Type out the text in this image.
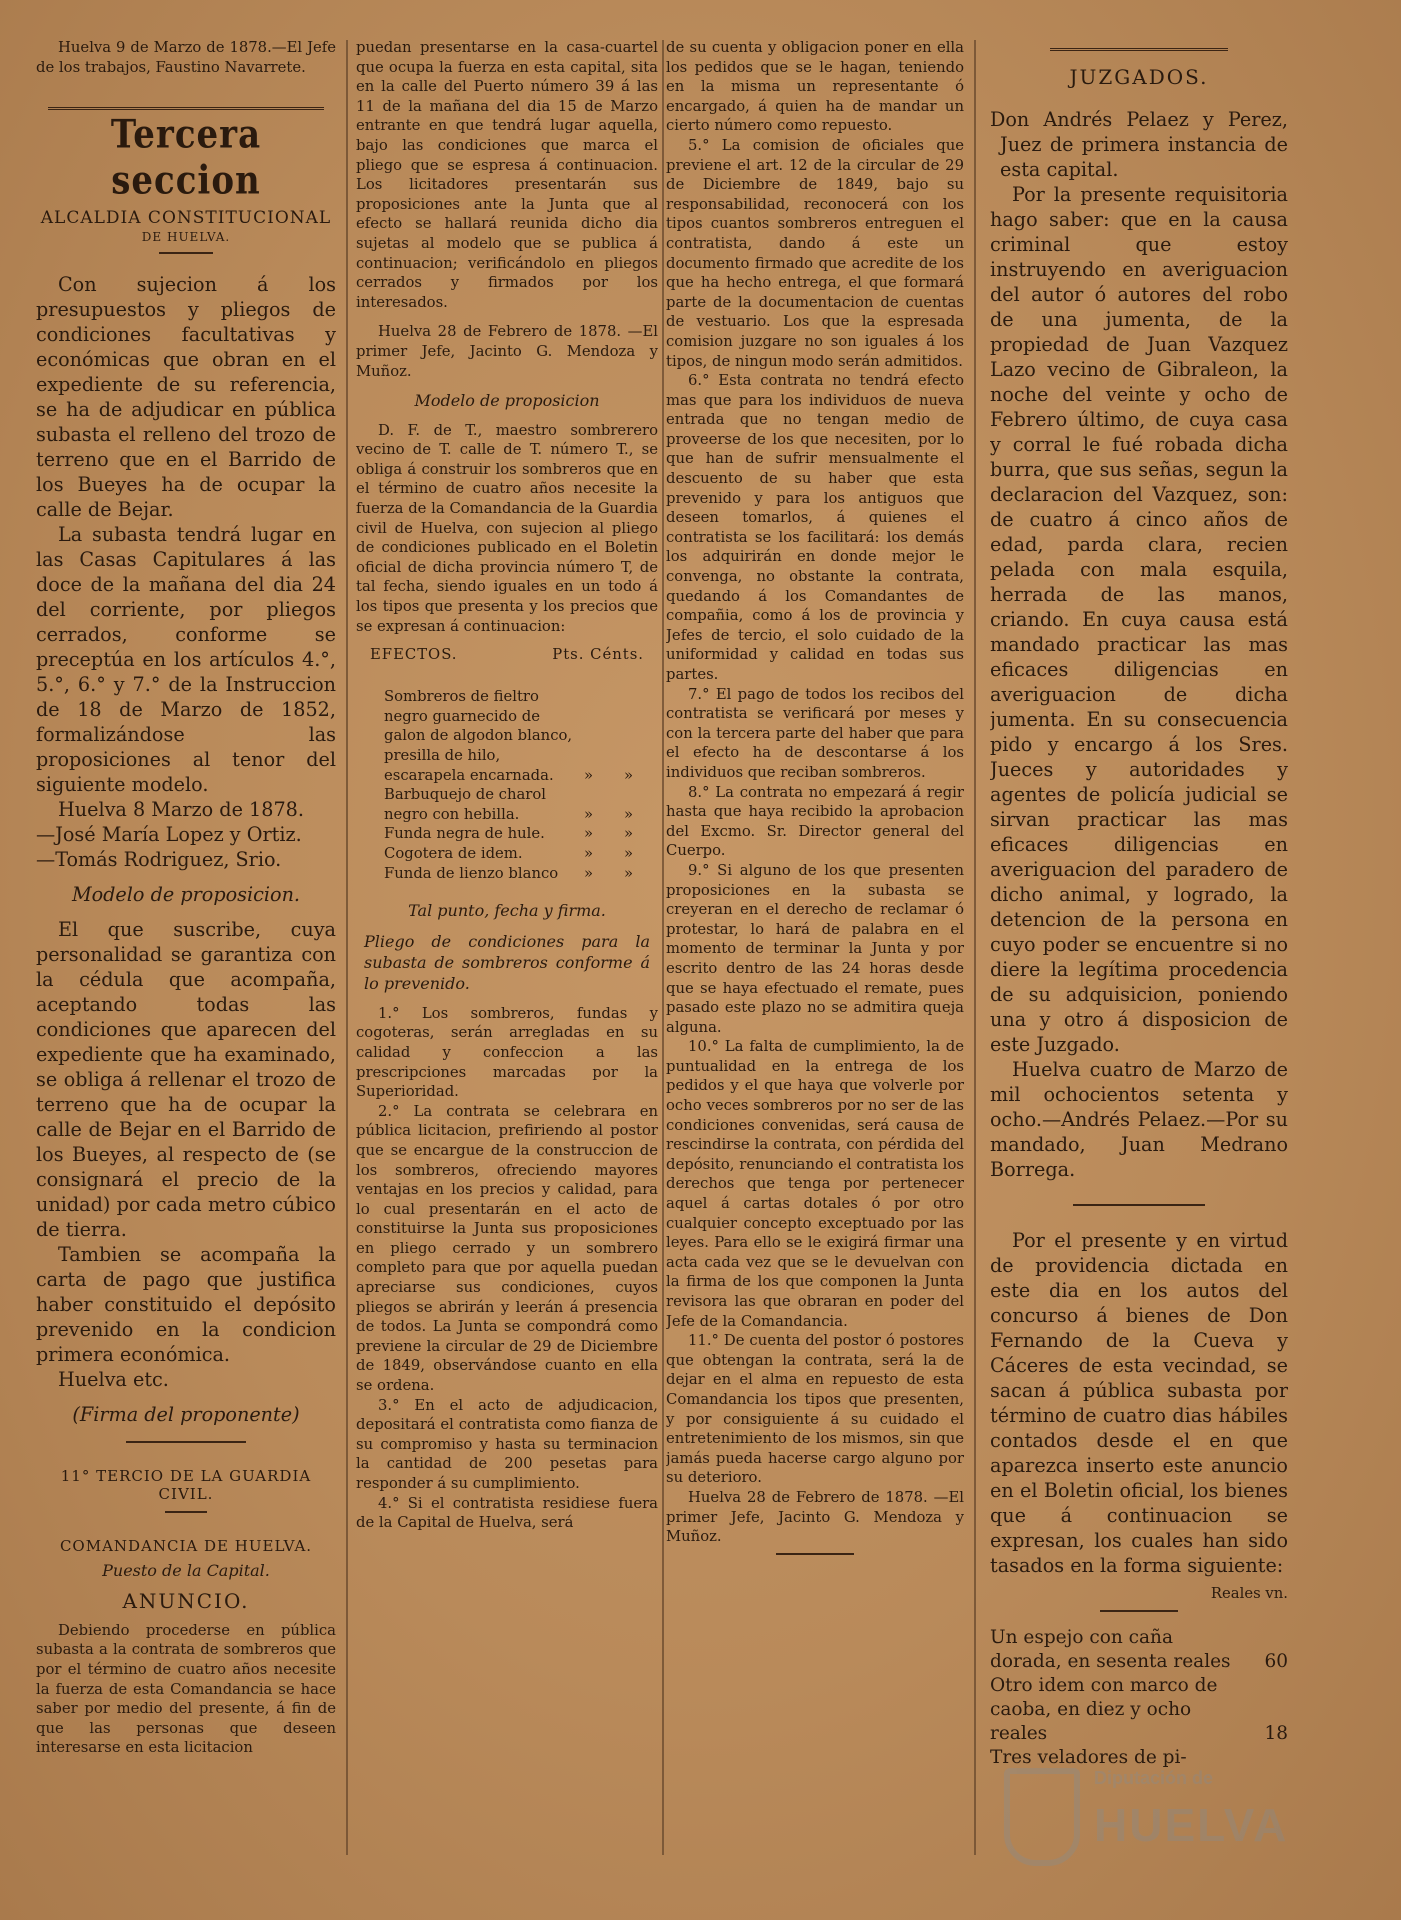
Huelva 9 de Marzo de 1878.—El Jefe de los trabajos, Faustino Navarrete.

Tercera seccion
ALCALDIA CONSTITUCIONAL
DE HUELVA.

Con sujecion á los presupuestos y pliegos de condiciones facultativas y económicas que obran en el expediente de su referencia, se ha de adjudicar en pública subasta el relleno del trozo de terreno que en el Barrido de los Bueyes ha de ocupar la calle de Bejar.

La subasta tendrá lugar en las Casas Capitulares á las doce de la mañana del dia 24 del corriente, por pliegos cerrados, conforme se preceptúa en los artículos 4.°, 5.°, 6.° y 7.° de la Instruccion de 18 de Marzo de 1852, formalizándose las proposiciones al tenor del siguiente modelo.

Huelva 8 Marzo de 1878.

—José María Lopez y Ortiz.

—Tomás Rodriguez, Srio.

Modelo de proposicion.

El que suscribe, cuya personalidad se garantiza con la cédula que acompaña, aceptando todas las condiciones que aparecen del expediente que ha examinado, se obliga á rellenar el trozo de terreno que ha de ocupar la calle de Bejar en el Barrido de los Bueyes, al respecto de (se consignará el precio de la unidad) por cada metro cúbico de tierra.

Tambien se acompaña la carta de pago que justifica haber constituido el depósito prevenido en la condicion primera económica.

Huelva etc.

(Firma del proponente)

11° TERCIO DE LA GUARDIA CIVIL.
COMANDANCIA DE HUELVA.

Puesto de la Capital.

ANUNCIO.

Debiendo procederse en pública subasta a la contrata de sombreros que por el término de cuatro años necesite la fuerza de esta Comandancia se hace saber por medio del presente, á fin de que las personas que deseen interesarse en esta licitacion

puedan presentarse en la casa-cuartel que ocupa la fuerza en esta capital, sita en la calle del Puerto número 39 á las 11 de la mañana del dia 15 de Marzo entrante en que tendrá lugar aquella, bajo las condiciones que marca el pliego que se espresa á continuacion. Los licitadores presentarán sus proposiciones ante la Junta que al efecto se hallará reunida dicho dia sujetas al modelo que se publica á continuacion; verificándolo en pliegos cerrados y firmados por los interesados.

Huelva 28 de Febrero de 1878. —El primer Jefe, Jacinto G. Mendoza y Muñoz.

Modelo de proposicion

D. F. de T., maestro sombrerero vecino de T. calle de T. número T., se obliga á construir los sombreros que en el término de cuatro años necesite la fuerza de la Comandancia de la Guardia civil de Huelva, con sujecion al pliego de condiciones publicado en el Boletin oficial de dicha provincia número T, de tal fecha, siendo iguales en un todo á los tipos que presenta y los precios que se expresan á continuacion:

EFECTOS.	Pts. Cénts.
Sombreros de fieltro negro guarnecido de galon de algodon blanco, presilla de hilo, escarapela encarnada.	»	»
Barbuquejo de charol negro con hebilla.	»	»
Funda negra de hule.	»	»
Cogotera de idem.	»	»
Funda de lienzo blanco	»	»

Tal punto, fecha y firma.

Pliego de condiciones para la subasta de sombreros conforme á lo prevenido.

1.° Los sombreros, fundas y cogoteras, serán arregladas en su calidad y confeccion a las prescripciones marcadas por la Superioridad.

2.° La contrata se celebrara en pública licitacion, prefiriendo al postor que se encargue de la construccion de los sombreros, ofreciendo mayores ventajas en los precios y calidad, para lo cual presentarán en el acto de constituirse la Junta sus proposiciones en pliego cerrado y un sombrero completo para que por aquella puedan apreciarse sus condiciones, cuyos pliegos se abrirán y leerán á presencia de todos. La Junta se compondrá como previene la circular de 29 de Diciembre de 1849, observándose cuanto en ella se ordena.

3.° En el acto de adjudicacion, depositará el contratista como fianza de su compromiso y hasta su terminacion la cantidad de 200 pesetas para responder á su cumplimiento.

4.° Si el contratista residiese fuera de la Capital de Huelva, será

de su cuenta y obligacion poner en ella los pedidos que se le hagan, teniendo en la misma un representante ó encargado, á quien ha de mandar un cierto número como repuesto.

5.° La comision de oficiales que previene el art. 12 de la circular de 29 de Diciembre de 1849, bajo su responsabilidad, reconocerá con los tipos cuantos sombreros entreguen el contratista, dando á este un documento firmado que acredite de los que ha hecho entrega, el que formará parte de la documentacion de cuentas de vestuario. Los que la espresada comision juzgare no son iguales á los tipos, de ningun modo serán admitidos.

6.° Esta contrata no tendrá efecto mas que para los individuos de nueva entrada que no tengan medio de proveerse de los que necesiten, por lo que han de sufrir mensualmente el descuento de su haber que esta prevenido y para los antiguos que deseen tomarlos, á quienes el contratista se los facilitará: los demás los adquirirán en donde mejor le convenga, no obstante la contrata, quedando á los Comandantes de compañia, como á los de provincia y Jefes de tercio, el solo cuidado de la uniformidad y calidad en todas sus partes.

7.° El pago de todos los recibos del contratista se verificará por meses y con la tercera parte del haber que para el efecto ha de descontarse á los individuos que reciban sombreros.

8.° La contrata no empezará á regir hasta que haya recibido la aprobacion del Excmo. Sr. Director general del Cuerpo.

9.° Si alguno de los que presenten proposiciones en la subasta se creyeran en el derecho de reclamar ó protestar, lo hará de palabra en el momento de terminar la Junta y por escrito dentro de las 24 horas desde que se haya efectuado el remate, pues pasado este plazo no se admitira queja alguna.

10.° La falta de cumplimiento, la de puntualidad en la entrega de los pedidos y el que haya que volverle por ocho veces sombreros por no ser de las condiciones convenidas, será causa de rescindirse la contrata, con pérdida del depósito, renunciando el contratista los derechos que tenga por pertenecer aquel á cartas dotales ó por otro cualquier concepto exceptuado por las leyes. Para ello se le exigirá firmar una acta cada vez que se le devuelvan con la firma de los que componen la Junta revisora las que obraran en poder del Jefe de la Comandancia.

11.° De cuenta del postor ó postores que obtengan la contrata, será la de dejar en el alma en repuesto de esta Comandancia los tipos que presenten, y por consiguiente á su cuidado el entretenimiento de los mismos, sin que jamás pueda hacerse cargo alguno por su deterioro.

Huelva 28 de Febrero de 1878. —El primer Jefe, Jacinto G. Mendoza y Muñoz.

JUZGADOS.

Don Andrés Pelaez y Perez, Juez de primera instancia de esta capital.

Por la presente requisitoria hago saber: que en la causa criminal que estoy instruyendo en averiguacion del autor ó autores del robo de una jumenta, de la propiedad de Juan Vazquez Lazo vecino de Gibraleon, la noche del veinte y ocho de Febrero último, de cuya casa y corral le fué robada dicha burra, que sus señas, segun la declaracion del Vazquez, son: de cuatro á cinco años de edad, parda clara, recien pelada con mala esquila, herrada de las manos, criando. En cuya causa está mandado practicar las mas eficaces diligencias en averiguacion de dicha jumenta. En su consecuencia pido y encargo á los Sres. Jueces y autoridades y agentes de policía judicial se sirvan practicar las mas eficaces diligencias en averiguacion del paradero de dicho animal, y logrado, la detencion de la persona en cuyo poder se encuentre si no diere la legítima procedencia de su adquisicion, poniendo una y otro á disposicion de este Juzgado.

Huelva cuatro de Marzo de mil ochocientos setenta y ocho.—Andrés Pelaez.—Por su mandado, Juan Medrano Borrega.

Por el presente y en virtud de providencia dictada en este dia en los autos del concurso á bienes de Don Fernando de la Cueva y Cáceres de esta vecindad, se sacan á pública subasta por término de cuatro dias hábiles contados desde el en que aparezca inserto este anuncio en el Boletin oficial, los bienes que á continuacion se expresan, los cuales han sido tasados en la forma siguiente:

Reales vn.

Un espejo con caña dorada, en sesenta reales	60
Otro idem con marco de caoba, en diez y ocho reales	18
Tres veladores de pi-
Diputación de
HUELVA
